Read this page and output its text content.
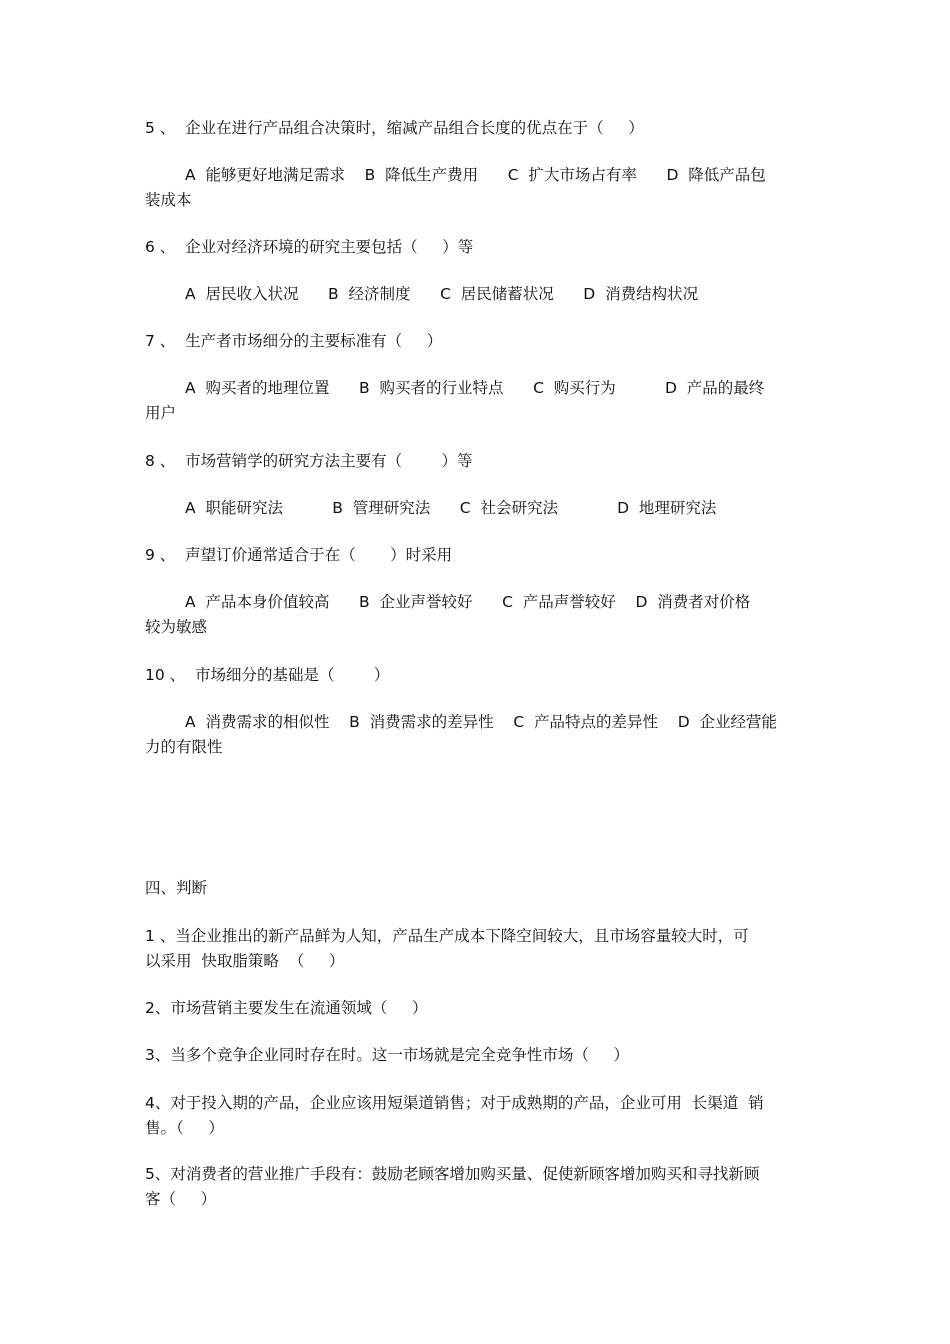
5 、  企业在进行产品组合决策时，缩减产品组合长度的优点在于（     ）
A  能够更好地满足需求    B  降低生产费用      C  扩大市场占有率      D  降低产品包
装成本
6 、  企业对经济环境的研究主要包括（     ）等
A  居民收入状况      B  经济制度      C  居民储蓄状况      D  消费结构状况
7 、  生产者市场细分的主要标准有（     ）
A  购买者的地理位置      B  购买者的行业特点      C  购买行为          D  产品的最终
用户
8 、  市场营销学的研究方法主要有（        ）等
A  职能研究法          B  管理研究法      C  社会研究法            D  地理研究法
9 、  声望订价通常适合于在（       ）时采用
A  产品本身价值较高      B  企业声誉较好      C  产品声誉较好    D  消费者对价格
较为敏感
10 、  市场细分的基础是（        ）
A  消费需求的相似性    B  消费需求的差异性    C  产品特点的差异性    D  企业经营能
力的有限性
四、判断
1 、当企业推出的新产品鲜为人知，产品生产成本下降空间较大，且市场容量较大时，可
以采用  快取脂策略  （     ）
2、市场营销主要发生在流通领域（     ）
3、当多个竞争企业同时存在时。这一市场就是完全竞争性市场（     ）
4、对于投入期的产品，企业应该用短渠道销售；对于成熟期的产品，企业可用  长渠道  销
售。（     ）
5、对消费者的营业推广手段有：鼓励老顾客增加购买量、促使新顾客增加购买和寻找新顾
客（     ）
